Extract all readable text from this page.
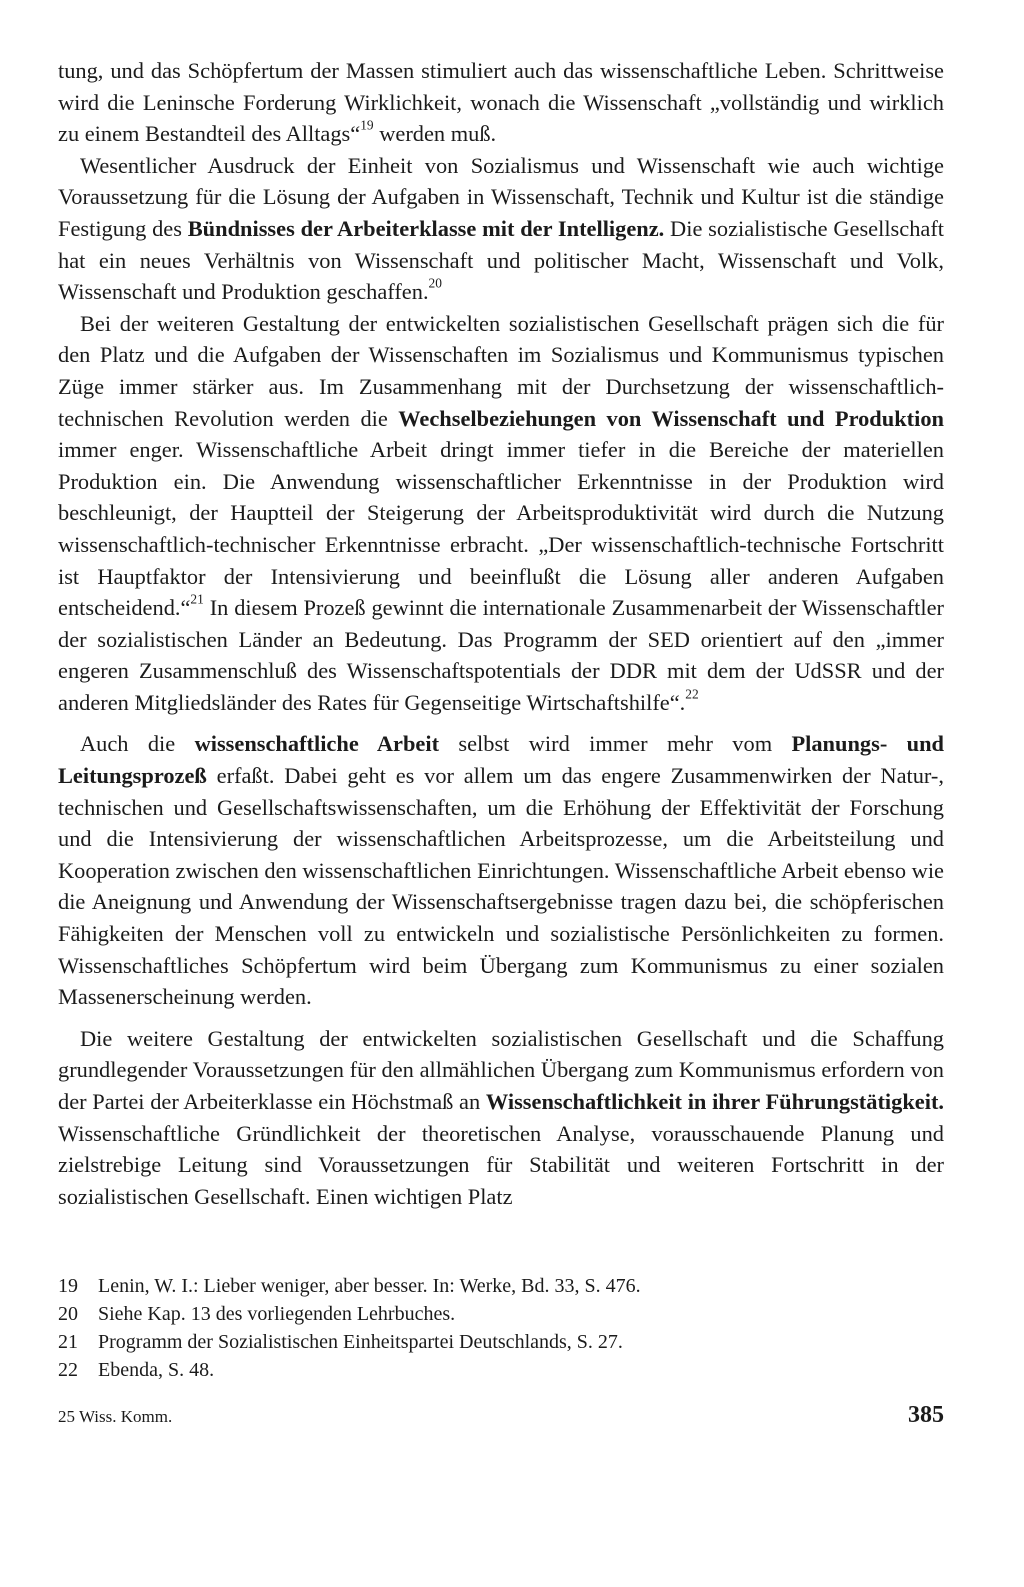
tung, und das Schöpfertum der Massen stimuliert auch das wissenschaftliche Leben. Schrittweise wird die Leninsche Forderung Wirklichkeit, wonach die Wissenschaft „vollständig und wirklich zu einem Bestandteil des Alltags“$^{19}$ werden muß.

Wesentlicher Ausdruck der Einheit von Sozialismus und Wissenschaft wie auch wichtige Voraussetzung für die Lösung der Aufgaben in Wissenschaft, Technik und Kultur ist die ständige Festigung des Bündnisses der Arbeiterklasse mit der Intelligenz. Die sozialistische Gesellschaft hat ein neues Verhältnis von Wissenschaft und politischer Macht, Wissenschaft und Volk, Wissenschaft und Produktion geschaffen.$^{20}$

Bei der weiteren Gestaltung der entwickelten sozialistischen Gesellschaft prägen sich die für den Platz und die Aufgaben der Wissenschaften im Sozialismus und Kommunismus typischen Züge immer stärker aus. Im Zusammenhang mit der Durchsetzung der wissenschaftlich-technischen Revolution werden die Wechselbeziehungen von Wissenschaft und Produktion immer enger. Wissenschaftliche Arbeit dringt immer tiefer in die Bereiche der materiellen Produktion ein. Die Anwendung wissenschaftlicher Erkenntnisse in der Produktion wird beschleunigt, der Hauptteil der Steigerung der Arbeitsproduktivität wird durch die Nutzung wissenschaftlich-technischer Erkenntnisse erbracht. „Der wissenschaftlich-technische Fortschritt ist Hauptfaktor der Intensivierung und beeinflußt die Lösung aller anderen Aufgaben entscheidend.“$^{21}$ In diesem Prozeß gewinnt die internationale Zusammenarbeit der Wissenschaftler der sozialistischen Länder an Bedeutung. Das Programm der SED orientiert auf den „immer engeren Zusammenschluß des Wissenschaftspotentials der DDR mit dem der UdSSR und der anderen Mitgliedsländer des Rates für Gegenseitige Wirtschaftshilfe“.$^{22}$

Auch die wissenschaftliche Arbeit selbst wird immer mehr vom Planungs- und Leitungsprozeß erfaßt. Dabei geht es vor allem um das engere Zusammenwirken der Natur-, technischen und Gesellschaftswissenschaften, um die Erhöhung der Effektivität der Forschung und die Intensivierung der wissenschaftlichen Arbeitsprozesse, um die Arbeitsteilung und Kooperation zwischen den wissenschaftlichen Einrichtungen. Wissenschaftliche Arbeit ebenso wie die Aneignung und Anwendung der Wissenschaftsergebnisse tragen dazu bei, die schöpferischen Fähigkeiten der Menschen voll zu entwickeln und sozialistische Persönlichkeiten zu formen. Wissenschaftliches Schöpfertum wird beim Übergang zum Kommunismus zu einer sozialen Massenerscheinung werden.

Die weitere Gestaltung der entwickelten sozialistischen Gesellschaft und die Schaffung grundlegender Voraussetzungen für den allmählichen Übergang zum Kommunismus erfordern von der Partei der Arbeiterklasse ein Höchstmaß an Wissenschaftlichkeit in ihrer Führungstätigkeit. Wissenschaftliche Gründlichkeit der theoretischen Analyse, vorausschauende Planung und zielstrebige Leitung sind Voraussetzungen für Stabilität und weiteren Fortschritt in der sozialistischen Gesellschaft. Einen wichtigen Platz

19	Lenin, W. I.: Lieber weniger, aber besser. In: Werke, Bd. 33, S. 476.
20	Siehe Kap. 13 des vorliegenden Lehrbuches.
21	Programm der Sozialistischen Einheitspartei Deutschlands, S. 27.
22	Ebenda, S. 48.
25 Wiss. Komm.	385
